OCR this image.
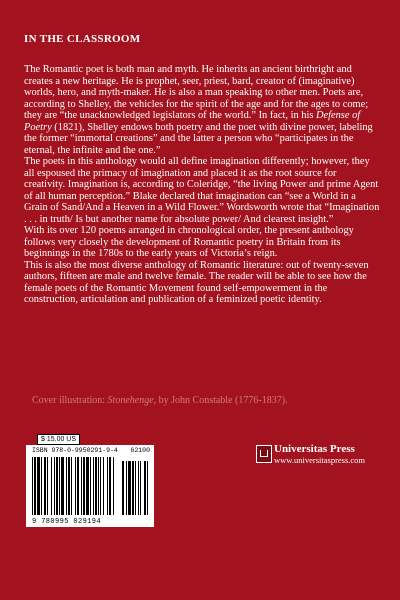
IN THE CLASSROOM

The Romantic poet is both man and myth. He inherits an ancient birthright and creates a new heritage. He is prophet, seer, priest, bard, creator of (imaginative) worlds, hero, and myth-maker. He is also a man speaking to other men. Poets are, according to Shelley, the vehicles for the spirit of the age and for the ages to come; they are “the unacknowledged legislators of the world.” In fact, in his Defense of Poetry (1821), Shelley endows both poetry and the poet with divine power, labeling the former “immortal creations” and the latter a person who “participates in the eternal, the infinite and the one.”

The poets in this anthology would all define imagination differently; however, they all espoused the primacy of imagination and placed it as the root source for creativity. Imagination is, according to Coleridge, “the living Power and prime Agent of all human perception.” Blake declared that imagination can “see a World in a Grain of Sand/And a Heaven in a Wild Flower.” Wordsworth wrote that “Imagination . . . in truth/ Is but another name for absolute power/ And clearest insight.”

With its over 120 poems arranged in chronological order, the present anthology follows very closely the development of Romantic poetry in Britain from its beginnings in the 1780s to the early years of Victoria’s reign.

This is also the most diverse anthology of Romantic literature: out of twenty-seven authors, fifteen are male and twelve female. The reader will be able to see how the female poets of the Romantic Movement found self-empowerment in the construction, articulation and publication of a feminized poetic identity.

Cover illustration: Stonehenge, by John Constable (1776-1837).
$ 15.00 US
ISBN 978-0-9950291-9-4 62100
9 780995 029194
Universitas Press
www.universitaspress.com
